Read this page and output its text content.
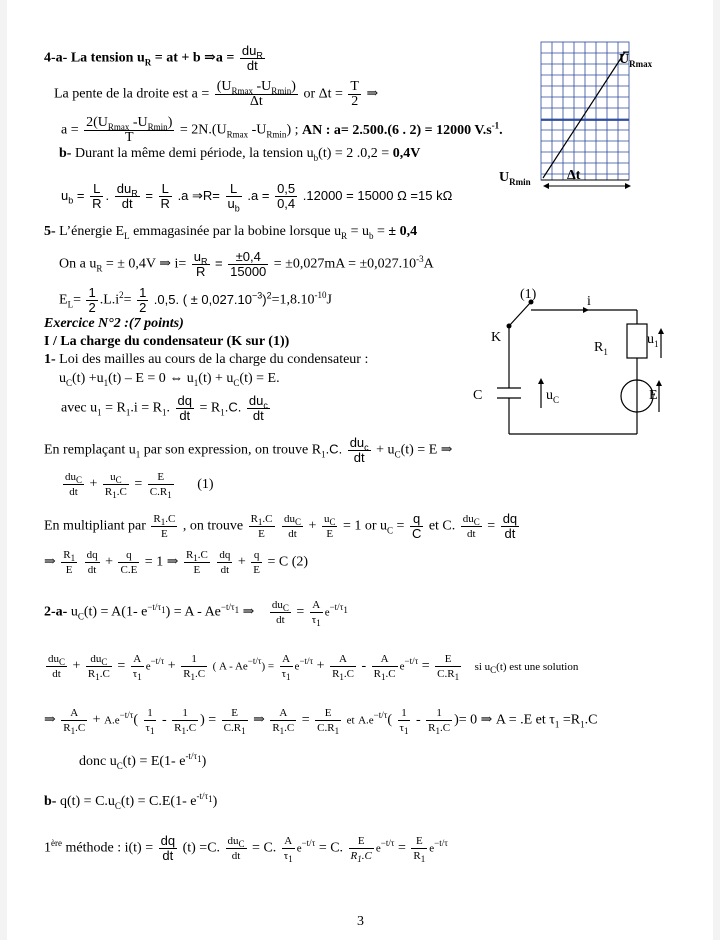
$U_{Rmax}$
$U_{Rmin}$	Δt
4-a- La tension $u_R$ = at + b ⇒a = $\frac{du_R}{dt}$
La pente de la droite est $a = \frac{(U_{Rmax} -U_{Rmin})}{\Delta t}$ or $\Delta t = \frac{T}{2}$ ⇒
$a = \frac{2(U_{Rmax} -U_{Rmin})}{T} = 2N.(U_{Rmax}$ $-U_{Rmin}$) ; AN : a= 2.500.(6 . 2) = 12000 $V.s^{-1}$.
b- Durant la même demi période, la tension $u_b(t) = 2$ .0,2 = 0,4V
$u_b = \frac{L}{R}$ . $\frac{du_R}{dt} = \frac{L}{R} .a$ ⇒R= $\frac{L}{u_b} .a = \frac{0,5}{0,4} .12000 = 15000$ Ω =15 kΩ
5- L’énergie $E_L$ emmagasinée par la bobine lorsque $u_R = u_b$ = ± 0,4
On a $u_R$ = ± 0,4V ⇒ $i= \frac{u_R}{R} = \frac{\pm 0,4}{15000} = \pm 0,027mA = \pm 0,027.10^{-3}A$
$E_L= \frac{1}{2} .L.i^2= \frac{1}{2} .0,5$. ( ± $0,027.10^{-3})^2=1,8.10^{-10}J$	(1)	i
K
$R_1$
$u_1$
C	$u_C$	E
Exercice N°2 :(7 points)
I / La charge du condensateur (K sur (1))
1- Loi des mailles au cours de la charge du condensateur :
$u_C(t) +u_1(t) - E = 0$ ⇔ $u_1(t) + u_C(t) = E$.
avec $u_1 = R_1.i = R_1$. $\frac{dq}{dt} = R_1.C$. $\frac{du_c}{dt}$
En remplaçant $u_1$ par son expression, on trouve $R_1.C$. $\frac{du_c}{dt} + u_C(t) = E$ ⇒
$\frac{du_C}{dt} + \frac{u_C}{R_1.C} = \frac{E}{C.R_1} (1)$
En multipliant par $\frac{R_1.C}{E}$ , on trouve $\frac{R_1.C}{E}$
$\frac{du_C}{dt} + \frac{u_C}{E} = 1$ or $u_C = \frac{q}{C}$ et C. $\frac{du_C}{dt} = \frac{dq}{dt}$
⇒ $\frac{R_1}{E}$
$\frac{dq}{dt} + \frac{q}{C.E} = 1$ ⇒ $\frac{R_1.C}{E}$
$\frac{dq}{dt} + \frac{q}{E} = C$ (2)
2-a- $u_C(t) = A(1-$ $e^{-t/\tau_1}) = A - Ae^{-t/\tau_1}$ ⇒ $\frac{du_C}{dt} = \frac{A}{\tau_1} e^{-t/\tau_1}$
$\frac{du_C}{dt} + \frac{du_C}{R_1.C} = \frac{A}{\tau_1} e^{-t/\tau} + \frac{1}{R_1.C}$ ( $A - Ae^{-t/\tau}) = \frac{A}{\tau_1} e^{-t/\tau} + \frac{A}{R_1.C} - \frac{A}{R_1.C} e^{-t/\tau} = \frac{E}{C.R_1}$ si $u_C(t)$ est une solution
⇒ $\frac{A}{R_1.C} + A.e^{-t/\tau}( \frac{1}{\tau_1} - \frac{1}{R_1.C}$ ) = $\frac{E}{C.R_1}$ ⇒ $\frac{A}{R_1.C} = \frac{E}{C.R_1}$ et $A.e^{-t/\tau}( \frac{1}{\tau_1} - \frac{1}{R_1.C}$ )= 0 ⇒ A = .E et $\tau_1 =R_1.C$
donc $u_C(t) = E(1-$ $e^{-t/\tau_1}$)
b- $q(t) = C.u_C(t) = C.E(1-$ $e^{-t/\tau_1}$)
1ère méthode : $i(t) = \frac{dq}{dt} (t) =C$. $\frac{du_C}{dt} = C$. $\frac{A}{\tau_1} e^{-t/\tau} = C$. $\frac{E}{R_1.C} e^{-t/\tau} = \frac{E}{R_1} e^{-t/\tau}$
3
